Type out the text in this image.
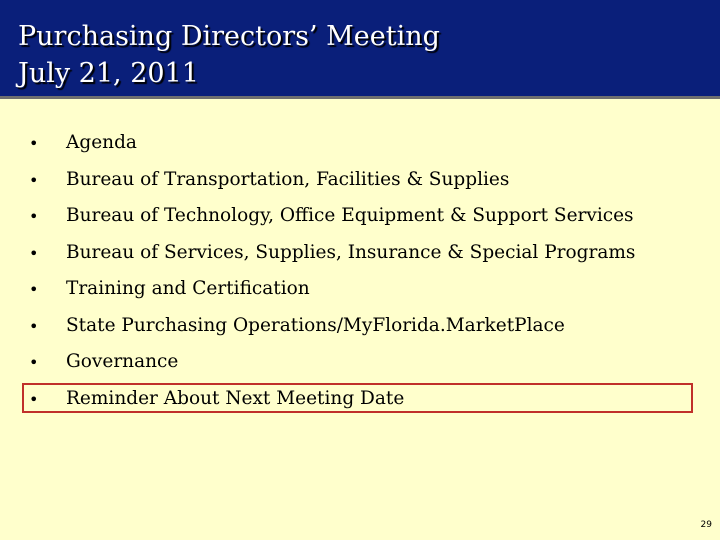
Purchasing Directors’ Meeting
July 21, 2011
• Agenda
• Bureau of Transportation, Facilities & Supplies
• Bureau of Technology, Office Equipment & Support Services
• Bureau of Services, Supplies, Insurance & Special Programs
• Training and Certification
• State Purchasing Operations/MyFlorida.MarketPlace
• Governance
• Reminder About Next Meeting Date
29
